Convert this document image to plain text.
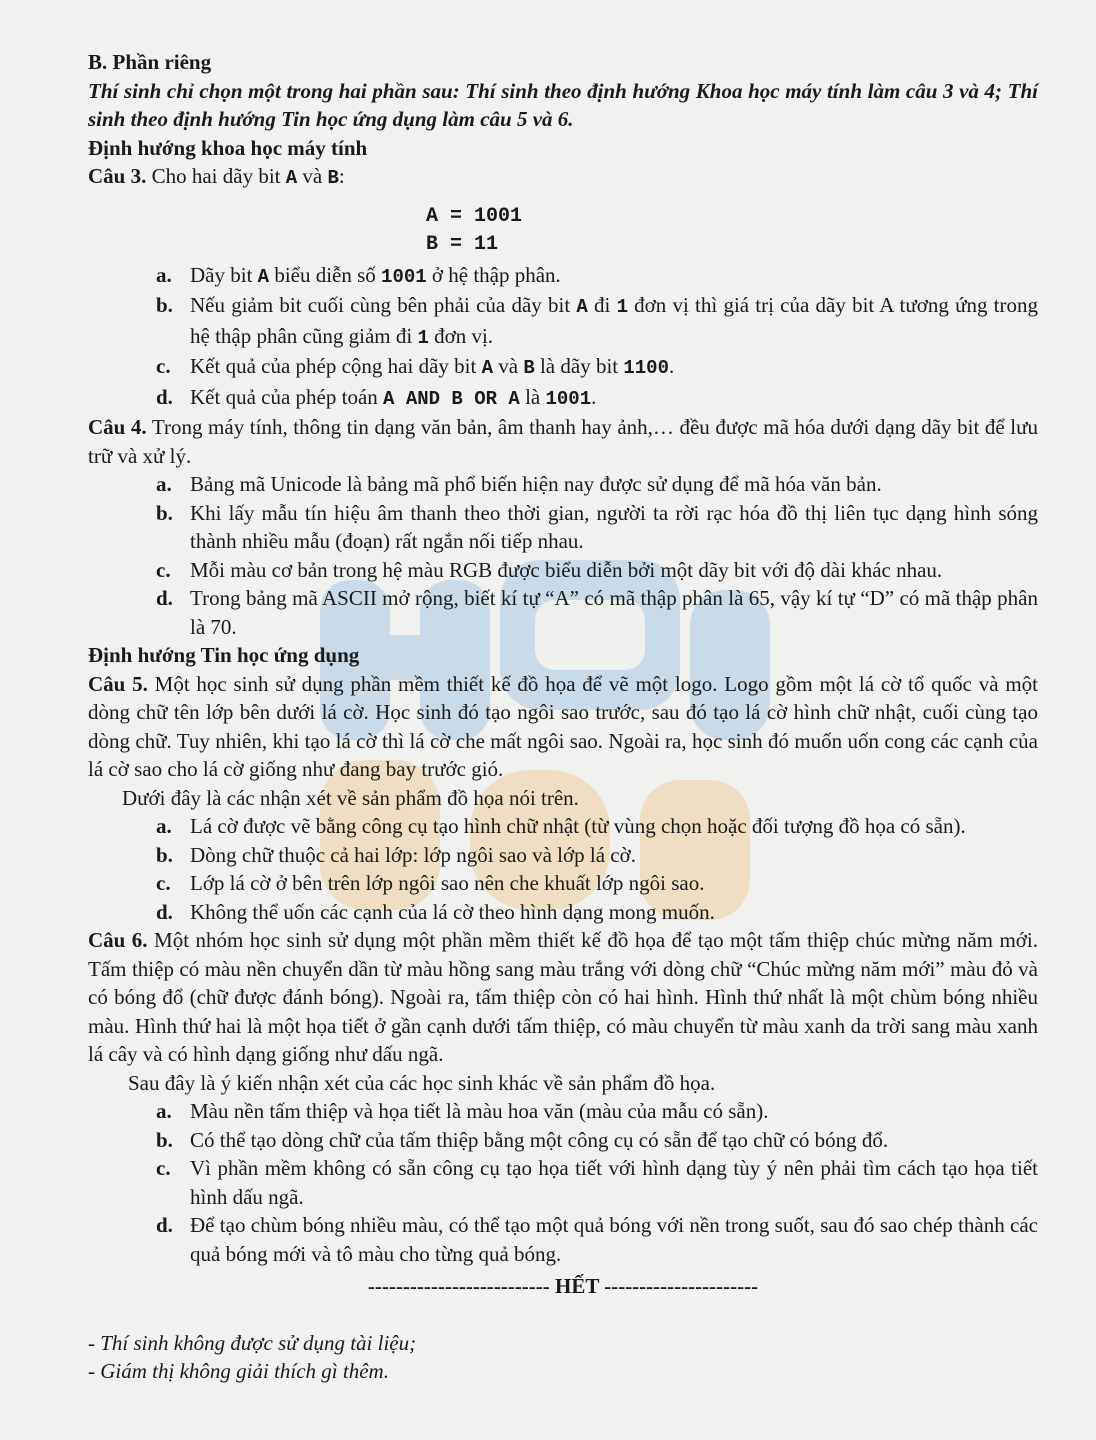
B. Phần riêng

Thí sinh chỉ chọn một trong hai phần sau: Thí sinh theo định hướng Khoa học máy tính làm câu 3 và 4; Thí sinh theo định hướng Tin học ứng dụng làm câu 5 và 6.

Định hướng khoa học máy tính

Câu 3. Cho hai dãy bit A và B:

A = 1001
B = 11
a. Dãy bit A biểu diễn số 1001 ở hệ thập phân.
b. Nếu giảm bit cuối cùng bên phải của dãy bit A đi 1 đơn vị thì giá trị của dãy bit A tương ứng trong hệ thập phân cũng giảm đi 1 đơn vị.
c. Kết quả của phép cộng hai dãy bit A và B là dãy bit 1100.
d. Kết quả của phép toán A AND B OR A là 1001.

Câu 4. Trong máy tính, thông tin dạng văn bản, âm thanh hay ảnh,… đều được mã hóa dưới dạng dãy bit để lưu trữ và xử lý.

a. Bảng mã Unicode là bảng mã phổ biến hiện nay được sử dụng để mã hóa văn bản.
b. Khi lấy mẫu tín hiệu âm thanh theo thời gian, người ta rời rạc hóa đồ thị liên tục dạng hình sóng thành nhiều mẫu (đoạn) rất ngắn nối tiếp nhau.
c. Mỗi màu cơ bản trong hệ màu RGB được biểu diễn bởi một dãy bit với độ dài khác nhau.
d. Trong bảng mã ASCII mở rộng, biết kí tự “A” có mã thập phân là 65, vậy kí tự “D” có mã thập phân là 70.

Định hướng Tin học ứng dụng

Câu 5. Một học sinh sử dụng phần mềm thiết kế đồ họa để vẽ một logo. Logo gồm một lá cờ tổ quốc và một dòng chữ tên lớp bên dưới lá cờ. Học sinh đó tạo ngôi sao trước, sau đó tạo lá cờ hình chữ nhật, cuối cùng tạo dòng chữ. Tuy nhiên, khi tạo lá cờ thì lá cờ che mất ngôi sao. Ngoài ra, học sinh đó muốn uốn cong các cạnh của lá cờ sao cho lá cờ giống như đang bay trước gió.

Dưới đây là các nhận xét về sản phẩm đồ họa nói trên.

a. Lá cờ được vẽ bằng công cụ tạo hình chữ nhật (từ vùng chọn hoặc đối tượng đồ họa có sẵn).
b. Dòng chữ thuộc cả hai lớp: lớp ngôi sao và lớp lá cờ.
c. Lớp lá cờ ở bên trên lớp ngôi sao nên che khuất lớp ngôi sao.
d. Không thể uốn các cạnh của lá cờ theo hình dạng mong muốn.

Câu 6. Một nhóm học sinh sử dụng một phần mềm thiết kế đồ họa để tạo một tấm thiệp chúc mừng năm mới. Tấm thiệp có màu nền chuyển dần từ màu hồng sang màu trắng với dòng chữ “Chúc mừng năm mới” màu đỏ và có bóng đổ (chữ được đánh bóng). Ngoài ra, tấm thiệp còn có hai hình. Hình thứ nhất là một chùm bóng nhiều màu. Hình thứ hai là một họa tiết ở gần cạnh dưới tấm thiệp, có màu chuyển từ màu xanh da trời sang màu xanh lá cây và có hình dạng giống như dấu ngã.

Sau đây là ý kiến nhận xét của các học sinh khác về sản phẩm đồ họa.

a. Màu nền tấm thiệp và họa tiết là màu hoa văn (màu của mẫu có sẵn).
b. Có thể tạo dòng chữ của tấm thiệp bằng một công cụ có sẵn để tạo chữ có bóng đổ.
c. Vì phần mềm không có sẵn công cụ tạo họa tiết với hình dạng tùy ý nên phải tìm cách tạo họa tiết hình dấu ngã.
d. Để tạo chùm bóng nhiều màu, có thể tạo một quả bóng với nền trong suốt, sau đó sao chép thành các quả bóng mới và tô màu cho từng quả bóng.

-------------------------- HẾT ----------------------

- Thí sinh không được sử dụng tài liệu;

- Giám thị không giải thích gì thêm.
